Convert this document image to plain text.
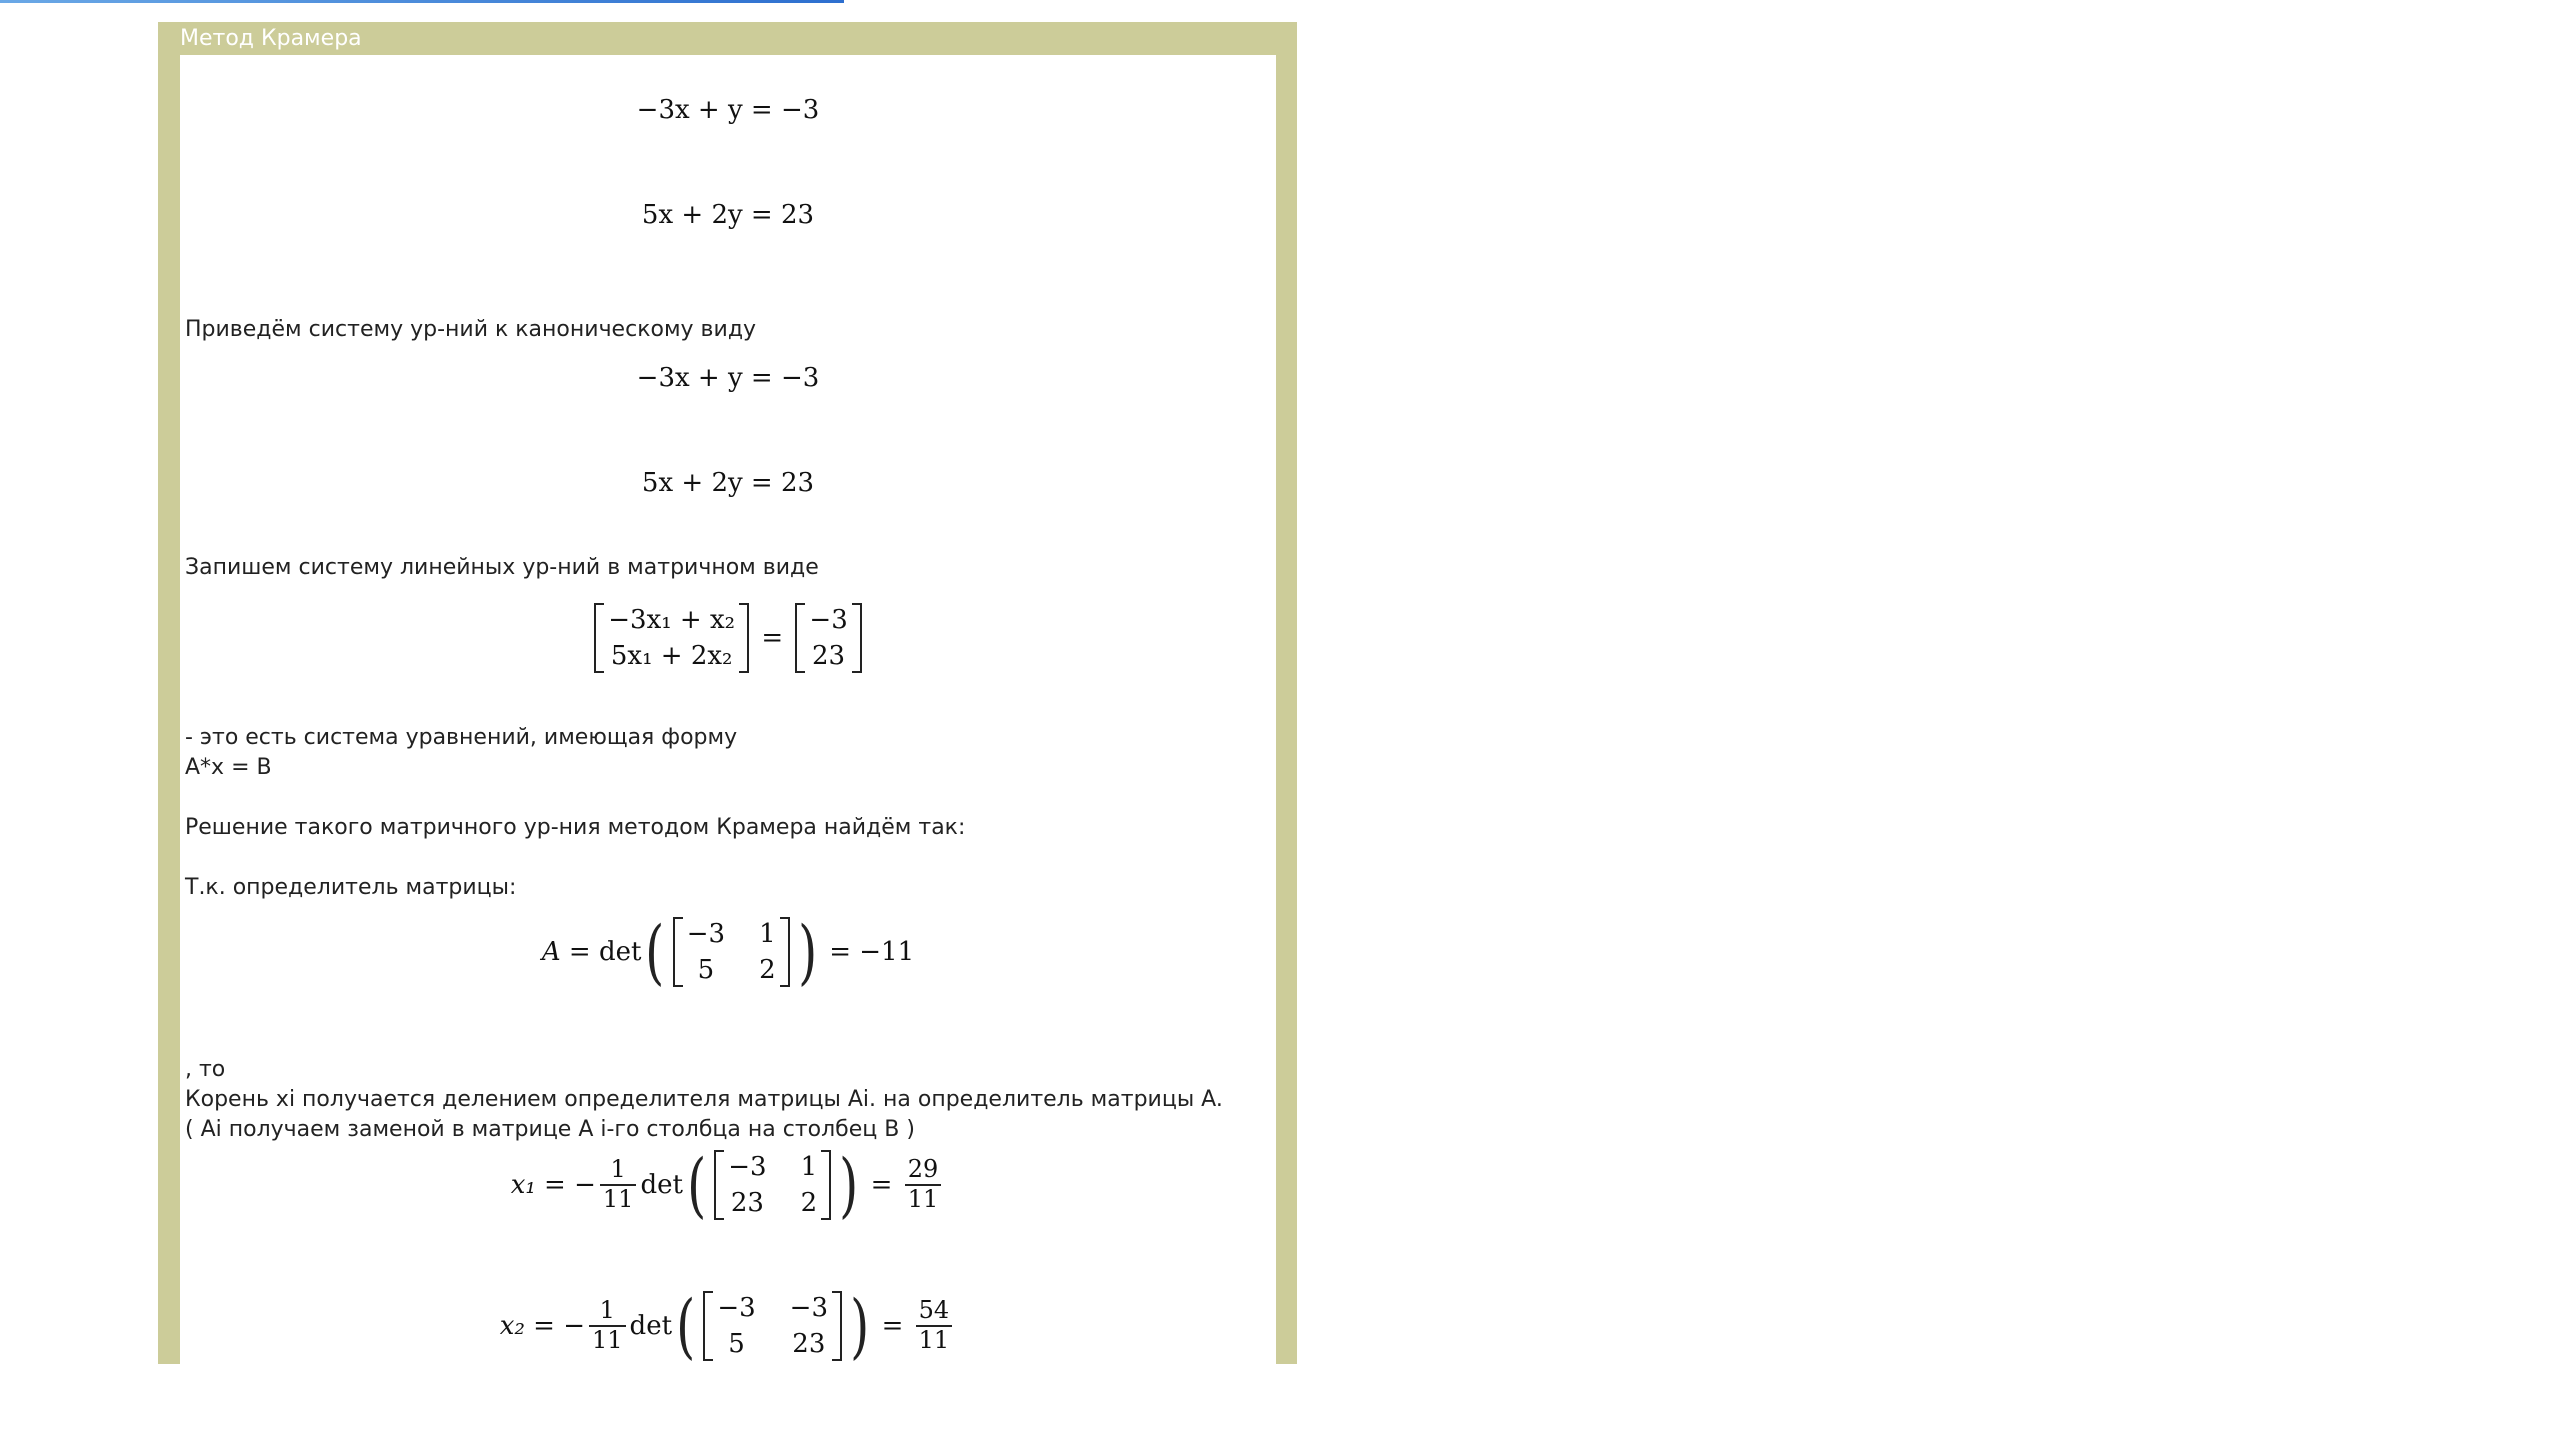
Метод Крамера
−3x + y = −3
5x + 2y = 23
Приведём систему ур-ний к каноническому виду
−3x + y = −3
5x + 2y = 23
Запишем систему линейных ур-ний в матричном виде
−3x₁ + x₂
5x₁ + 2x₂
=
−3
23
- это есть система уравнений, имеющая форму
A*x = B
Решение такого матричного ур-ния методом Крамера найдём так:
Т.к. определитель матрицы:
A = det ( −3 1
5	2 ) = −11
, то
Корень xi получается делением определителя матрицы Ai. на определитель матрицы A.
( Ai получаем заменой в матрице A i-го столбца на столбец B )
x₁ = − $\frac{1}{11}$ det ( −3 1
23 2 ) = $\frac{29}{11}$
x₂ = − $\frac{1}{11}$ det ( −3 −3
5	23 ) = $\frac{54}{11}$
